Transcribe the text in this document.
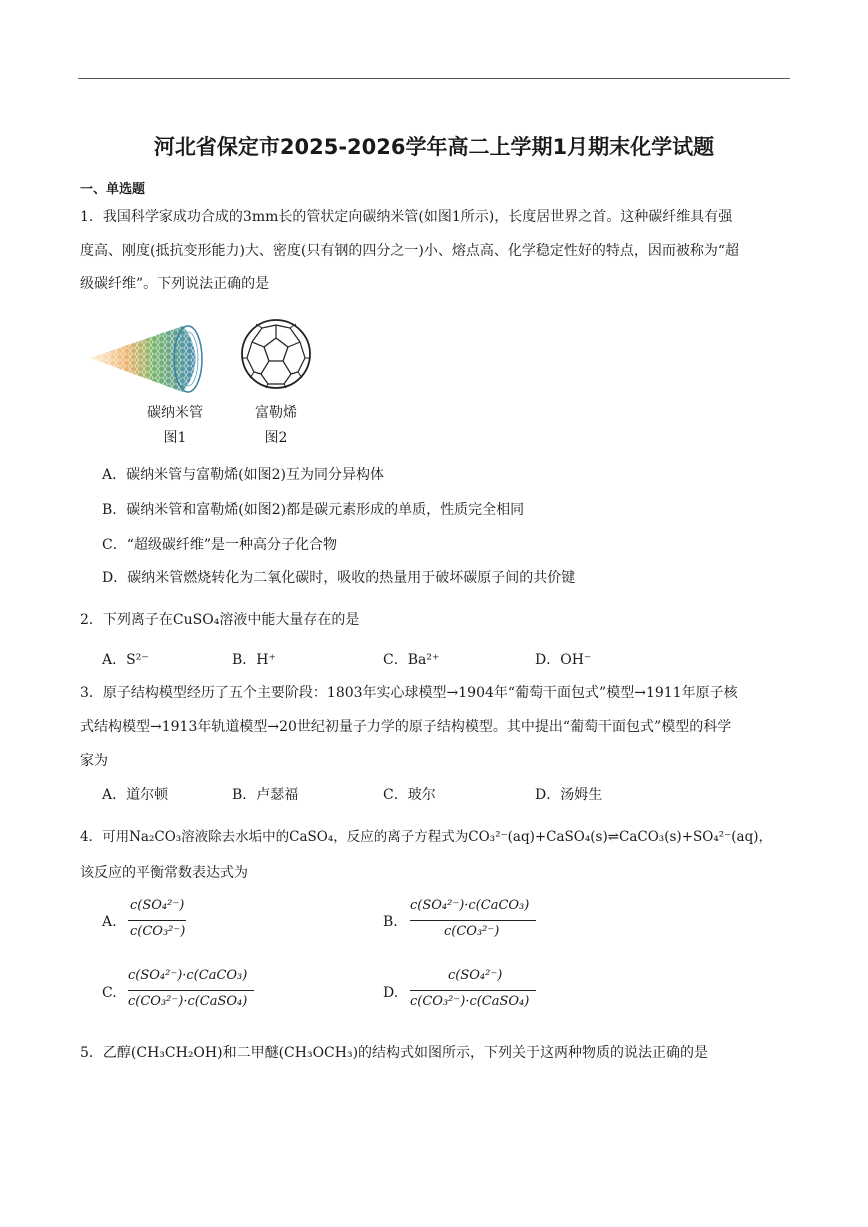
河北省保定市2025-2026学年高二上学期1月期末化学试题
一、单选题
1．我国科学家成功合成的3mm长的管状定向碳纳米管(如图1所示)，长度居世界之首。这种碳纤维具有强
度高、刚度(抵抗变形能力)大、密度(只有钢的四分之一)小、熔点高、化学稳定性好的特点，因而被称为“超
级碳纤维”。下列说法正确的是
碳纳米管
图1
富勒烯
图2
A．碳纳米管与富勒烯(如图2)互为同分异构体
B．碳纳米管和富勒烯(如图2)都是碳元素形成的单质，性质完全相同
C．“超级碳纤维”是一种高分子化合物
D．碳纳米管燃烧转化为二氧化碳时，吸收的热量用于破坏碳原子间的共价键
2．下列离子在CuSO₄溶液中能大量存在的是
A．S²⁻	B．H⁺	C．Ba²⁺	D．OH⁻
3．原子结构模型经历了五个主要阶段：1803年实心球模型→1904年“葡萄干面包式”模型→1911年原子核
式结构模型→1913年轨道模型→20世纪初量子力学的原子结构模型。其中提出“葡萄干面包式”模型的科学
家为
A．道尔顿	B．卢瑟福	C．玻尔	D．汤姆生
4．可用Na₂CO₃溶液除去水垢中的CaSO₄，反应的离子方程式为CO₃²⁻(aq)+CaSO₄(s)⇌CaCO₃(s)+SO₄²⁻(aq)，
该反应的平衡常数表达式为
A.
c(SO₄²⁻)
c(CO₃²⁻)
B.
c(SO₄²⁻)·c(CaCO₃)
c(CO₃²⁻)
C.
c(SO₄²⁻)·c(CaCO₃)
c(CO₃²⁻)·c(CaSO₄)
D.
c(SO₄²⁻)
c(CO₃²⁻)·c(CaSO₄)
5．乙醇(CH₃CH₂OH)和二甲醚(CH₃OCH₃)的结构式如图所示，下列关于这两种物质的说法正确的是
